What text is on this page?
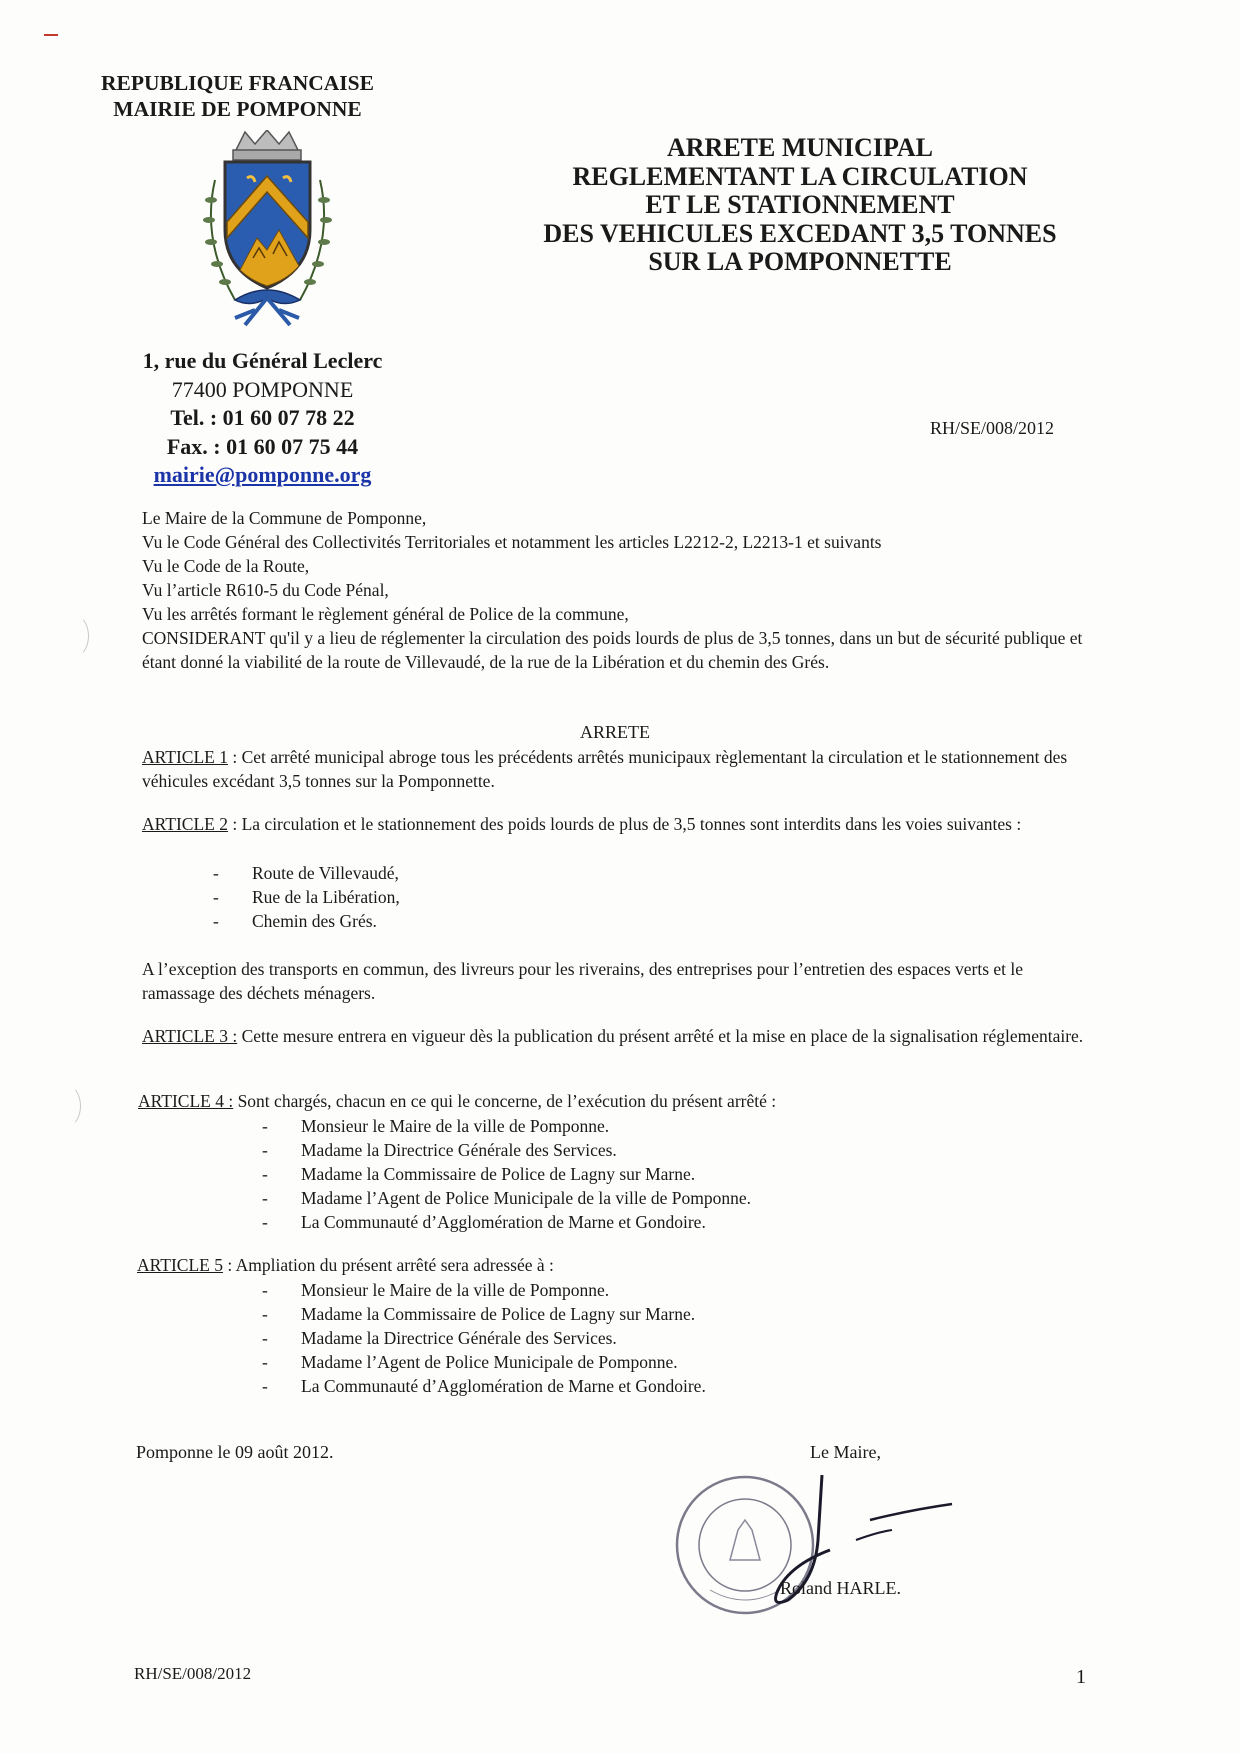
REPUBLIQUE FRANCAISE
MAIRIE DE POMPONNE
1, rue du Général Leclerc
77400 POMPONNE
Tel. : 01 60 07 78 22
Fax. : 01 60 07 75 44
mairie@pomponne.org
ARRETE MUNICIPAL
REGLEMENTANT LA CIRCULATION
ET LE STATIONNEMENT
DES VEHICULES EXCEDANT 3,5 TONNES
SUR LA POMPONNETTE
RH/SE/008/2012
Le Maire de la Commune de Pomponne,
Vu le Code Général des Collectivités Territoriales et notamment les articles L2212-2, L2213-1 et suivants
Vu le Code de la Route,
Vu l’article R610-5 du Code Pénal,
Vu les arrêtés formant le règlement général de Police de la commune,
CONSIDERANT qu'il y a lieu de réglementer la circulation des poids lourds de plus de 3,5 tonnes, dans un but de sécurité publique et étant donné la viabilité de la route de Villevaudé, de la rue de la Libération et du chemin des Grés.
ARRETE
ARTICLE 1 : Cet arrêté municipal abroge tous les précédents arrêtés municipaux règlementant la circulation et le stationnement des véhicules excédant 3,5 tonnes sur la Pomponnette.
ARTICLE 2 : La circulation et le stationnement des poids lourds de plus de 3,5 tonnes sont interdits dans les voies suivantes :
- Route de Villevaudé,
- Rue de la Libération,
- Chemin des Grés.
A l’exception des transports en commun, des livreurs pour les riverains, des entreprises pour l’entretien des espaces verts et le ramassage des déchets ménagers.
ARTICLE 3 : Cette mesure entrera en vigueur dès la publication du présent arrêté et la mise en place de la signalisation réglementaire.
ARTICLE 4 : Sont chargés, chacun en ce qui le concerne, de l’exécution du présent arrêté :
- Monsieur le Maire de la ville de Pomponne.
- Madame la Directrice Générale des Services.
- Madame la Commissaire de Police de Lagny sur Marne.
- Madame l’Agent de Police Municipale de la ville de Pomponne.
- La Communauté d’Agglomération de Marne et Gondoire.
ARTICLE 5 : Ampliation du présent arrêté sera adressée à :
- Monsieur le Maire de la ville de Pomponne.
- Madame la Commissaire de Police de Lagny sur Marne.
- Madame la Directrice Générale des Services.
- Madame l’Agent de Police Municipale de Pomponne.
- La Communauté d’Agglomération de Marne et Gondoire.
Pomponne le 09 août 2012.	Le Maire,
Roland HARLE.
RH/SE/008/2012	1
